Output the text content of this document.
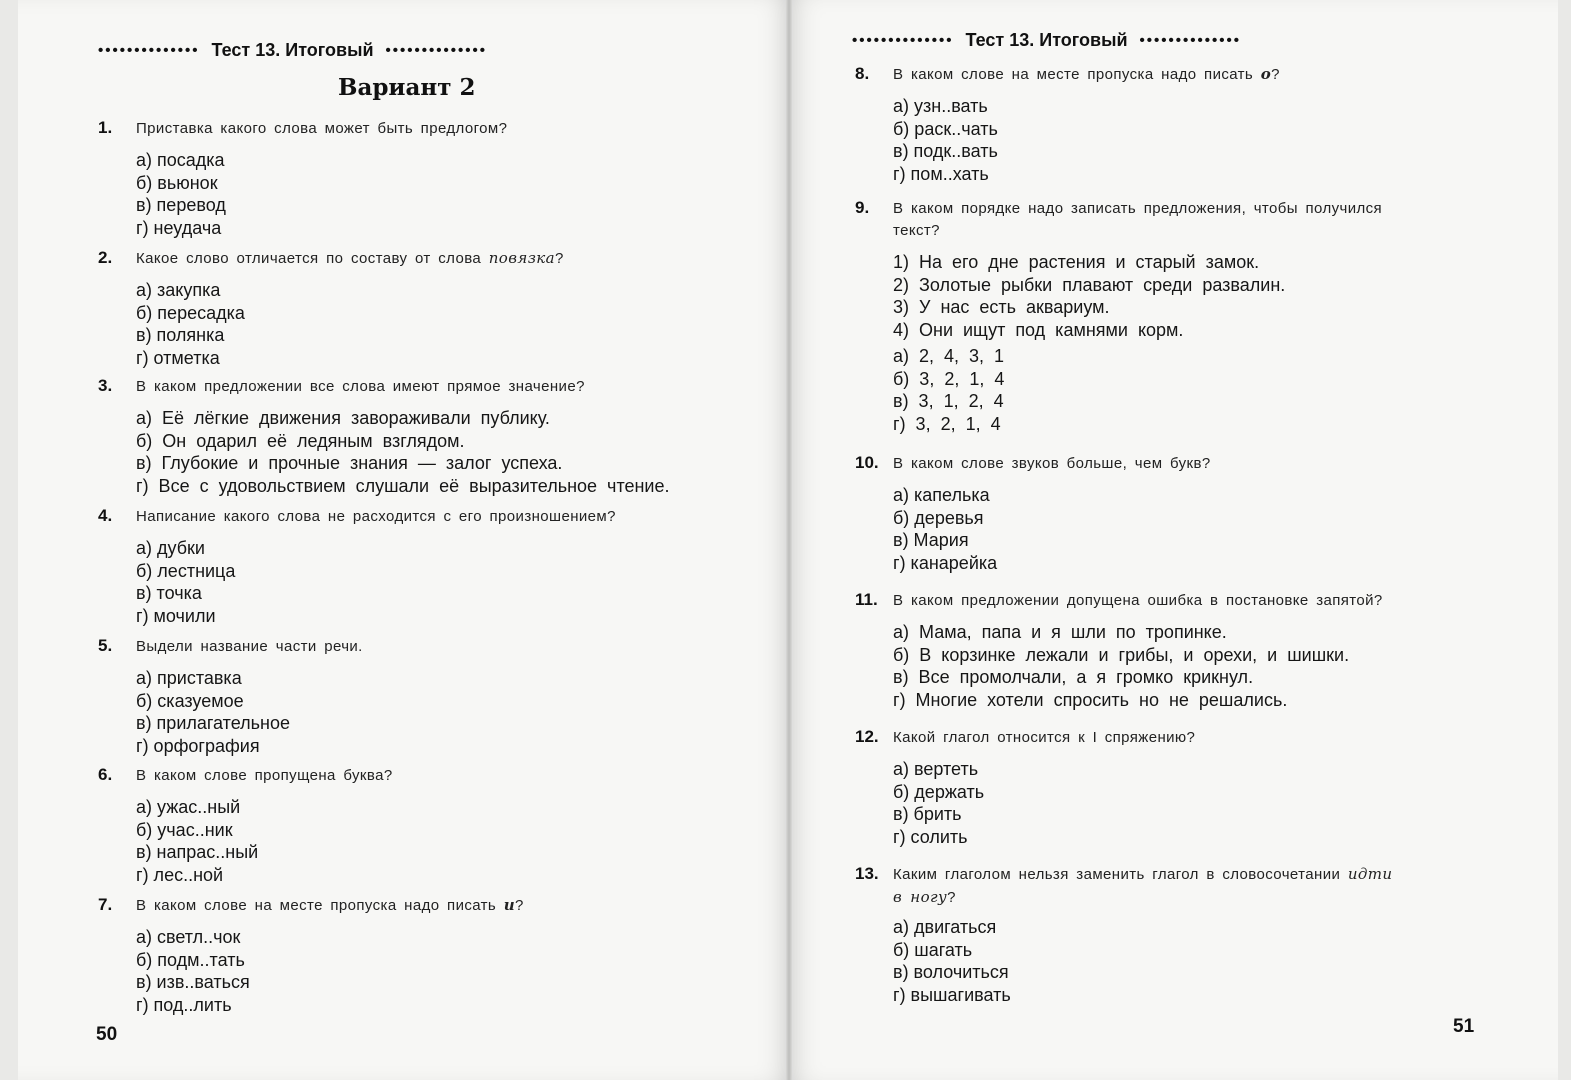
•••••••••••••• Тест 13. Итоговый ••••••••••••••
Вариант 2
1.	Приставка какого слова может быть предлогом?
а) посадка
б) вьюнок
в) перевод
г) неудача
2.	Какое слово отличается по составу от слова повязка?
а) закупка
б) пересадка
в) полянка
г) отметка
3.	В каком предложении все слова имеют прямое значение?
а) Её лёгкие движения завораживали публику.
б) Он одарил её ледяным взглядом.
в) Глубокие и прочные знания — залог успеха.
г) Все с удовольствием слушали её выразительное чтение.
4.	Написание какого слова не расходится с его произношением?
а) дубки
б) лестница
в) точка
г) мочили
5.	Выдели название части речи.
а) приставка
б) сказуемое
в) прилагательное
г) орфография
6.	В каком слове пропущена буква?
а) ужас..ный
б) учас..ник
в) напрас..ный
г) лес..ной
7.	В каком слове на месте пропуска надо писать и?
а) светл..чок
б) подм..тать
в) изв..ваться
г) под..лить
50
•••••••••••••• Тест 13. Итоговый ••••••••••••••
8.	В каком слове на месте пропуска надо писать о?
а) узн..вать
б) раск..чать
в) подк..вать
г) пом..хать
9.	В каком порядке надо записать предложения, чтобы получился
текст?
1) На его дне растения и старый замок.
2) Золотые рыбки плавают среди развалин.
3) У нас есть аквариум.
4) Они ищут под камнями корм.
а) 2, 4, 3, 1
б) 3, 2, 1, 4
в) 3, 1, 2, 4
г) 3, 2, 1, 4
10. В каком слове звуков больше, чем букв?
а) капелька
б) деревья
в) Мария
г) канарейка
11.	В каком предложении допущена ошибка в постановке запятой?
а) Мама, папа и я шли по тропинке.
б) В корзинке лежали и грибы, и орехи, и шишки.
в) Все промолчали, а я громко крикнул.
г) Многие хотели спросить но не решались.
12. Какой глагол относится к I спряжению?
а) вертеть
б) держать
в) брить
г) солить
13. Каким глаголом нельзя заменить глагол в словосочетании идти
в ногу?
а) двигаться
б) шагать
в) волочиться
г) вышагивать
51
